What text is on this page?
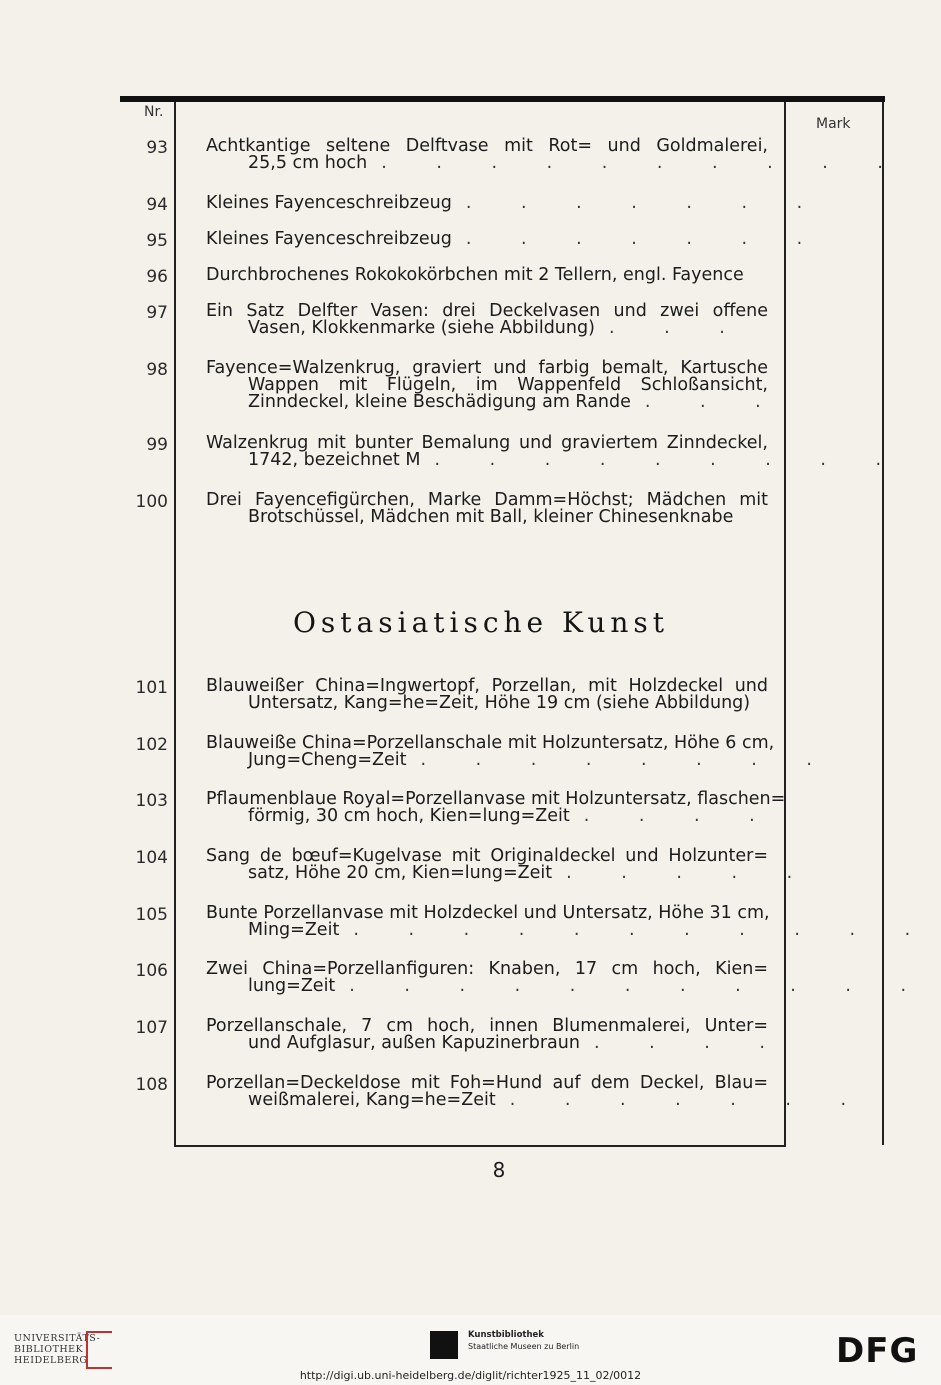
Nr.
Mark
93 Achtkantige seltene Delftvase mit Rot= und Goldmalerei,
25,5 cm hoch . . . . . . . . . .
94 Kleines Fayenceschreibzeug . . . . . . .
95 Kleines Fayenceschreibzeug . . . . . . .
96 Durchbrochenes Rokokokörbchen mit 2 Tellern, engl. Fayence
97 Ein Satz Delfter Vasen: drei Deckelvasen und zwei offene
Vasen, Klokkenmarke (siehe Abbildung) . . .
98 Fayence=Walzenkrug, graviert und farbig bemalt, Kartusche
Wappen mit Flügeln, im Wappenfeld Schloßansicht,
Zinndeckel, kleine Beschädigung am Rande . . .
99 Walzenkrug mit bunter Bemalung und graviertem Zinndeckel,
1742, bezeichnet M . . . . . . . . .
100 Drei Fayencefigürchen, Marke Damm=Höchst; Mädchen mit
Brotschüssel, Mädchen mit Ball, kleiner Chinesenknabe
101 Blauweißer China=Ingwertopf, Porzellan, mit Holzdeckel und
Untersatz, Kang=he=Zeit, Höhe 19 cm (siehe Abbildung)
102 Blauweiße China=Porzellanschale mit Holzuntersatz, Höhe 6 cm,
Jung=Cheng=Zeit . . . . . . . .
103 Pflaumenblaue Royal=Porzellanvase mit Holzuntersatz, flaschen=
förmig, 30 cm hoch, Kien=lung=Zeit . . . .
104 Sang de bœuf=Kugelvase mit Originaldeckel und Holzunter=
satz, Höhe 20 cm, Kien=lung=Zeit . . . . .
105 Bunte Porzellanvase mit Holzdeckel und Untersatz, Höhe 31 cm,
Ming=Zeit . . . . . . . . . . .
106 Zwei China=Porzellanfiguren: Knaben, 17 cm hoch, Kien=
lung=Zeit . . . . . . . . . . .
107 Porzellanschale, 7 cm hoch, innen Blumenmalerei, Unter=
und Aufglasur, außen Kapuzinerbraun . . . .
108 Porzellan=Deckeldose mit Foh=Hund auf dem Deckel, Blau=
weißmalerei, Kang=he=Zeit . . . . . . .
Ostasiatische Kunst
8
UNIVERSITÄTS-
BIBLIOTHEK
HEIDELBERG
Kunstbibliothek
Staatliche Museen zu Berlin	DFG
http://digi.ub.uni-heidelberg.de/diglit/richter1925_11_02/0012
